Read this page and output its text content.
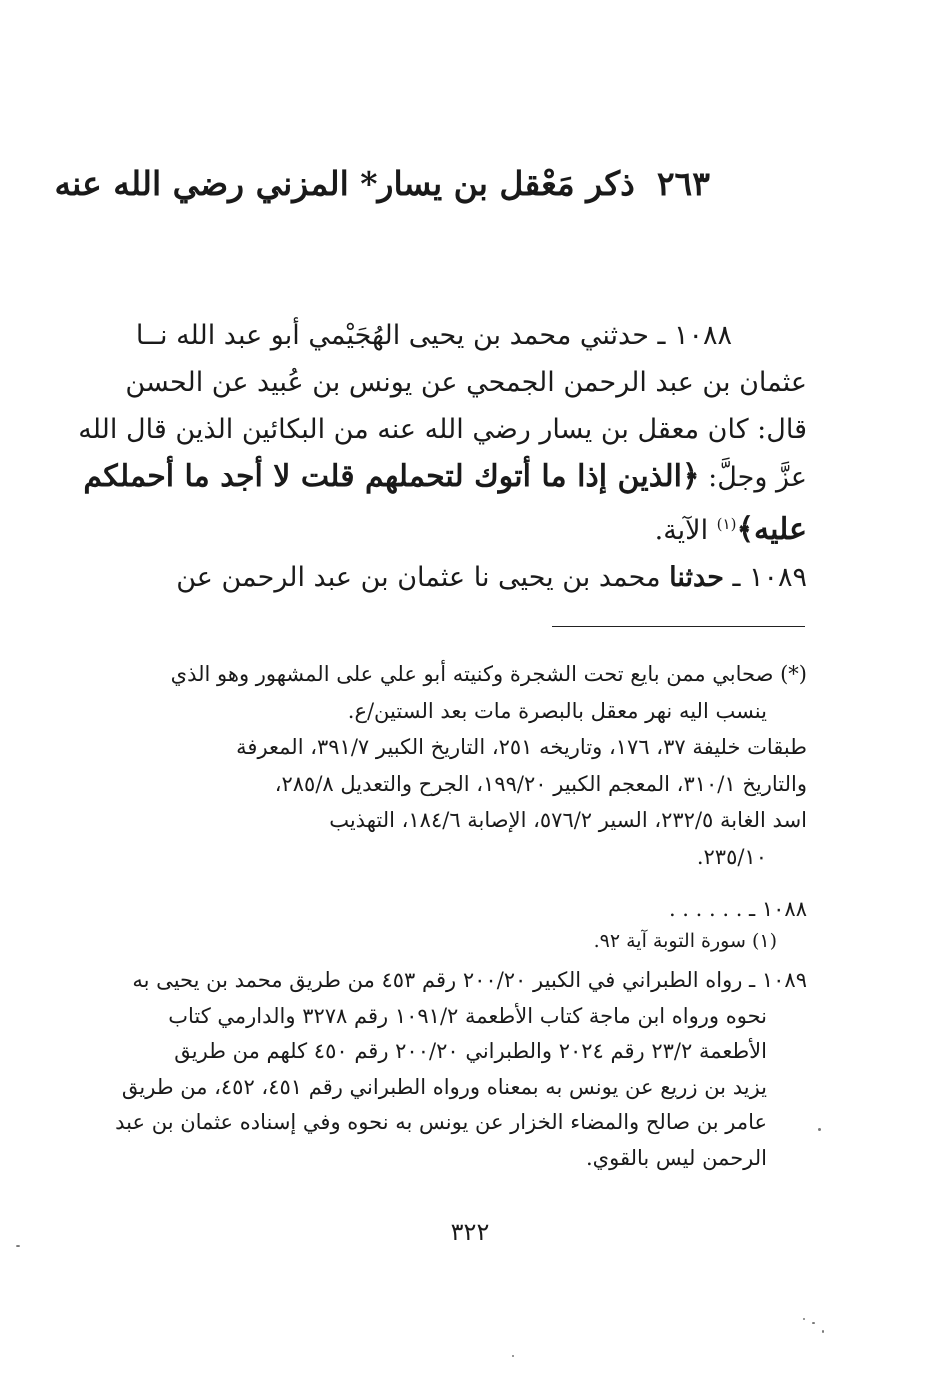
٢٦٣ذكر مَعْقل بن يسار* المزني رضي الله عنه
١٠٨٨ ـ حدثني محمد بن يحيى الهُجَيْمي أبو عبد الله نــا
عثمان بن عبد الرحمن الجمحي عن يونس بن عُبيد عن الحسن
قال: كان معقل بن يسار رضي الله عنه من البكائين الذين قال الله
عزَّ وجلَّ: ﴿الذين إذا ما أتوك لتحملهم قلت لا أجد ما أحملكم
عليه﴾$^{(١)}$ الآية.
١٠٨٩ ـ حدثنا محمد بن يحيى نا عثمان بن عبد الرحمن عن
(*) صحابي ممن بايع تحت الشجرة وكنيته أبو علي على المشهور وهو الذي
ينسب اليه نهر معقل بالبصرة مات بعد الستين/ع.
طبقات خليفة ٣٧، ١٧٦، وتاريخه ٢٥١، التاريخ الكبير ٣٩١/٧، المعرفة
والتاريخ ٣١٠/١، المعجم الكبير ١٩٩/٢٠، الجرح والتعديل ٢٨٥/٨،
اسد الغابة ٢٣٢/٥، السير ٥٧٦/٢، الإصابة ١٨٤/٦، التهذيب
٢٣٥/١٠.
١٠٨٨ ـ . . . . . .
(١) سورة التوبة آية ٩٢.
١٠٨٩ ـ رواه الطبراني في الكبير ٢٠٠/٢٠ رقم ٤٥٣ من طريق محمد بن يحيى به
نحوه ورواه ابن ماجة كتاب الأطعمة ١٠٩١/٢ رقم ٣٢٧٨ والدارمي كتاب
الأطعمة ٢٣/٢ رقم ٢٠٢٤ والطبراني ٢٠٠/٢٠ رقم ٤٥٠ كلهم من طريق
يزيد بن زريع عن يونس به بمعناه ورواه الطبراني رقم ٤٥١، ٤٥٢، من طريق
عامر بن صالح والمضاء الخزار عن يونس به نحوه وفي إسناده عثمان بن عبد
الرحمن ليس بالقوي.
٣٢٢
